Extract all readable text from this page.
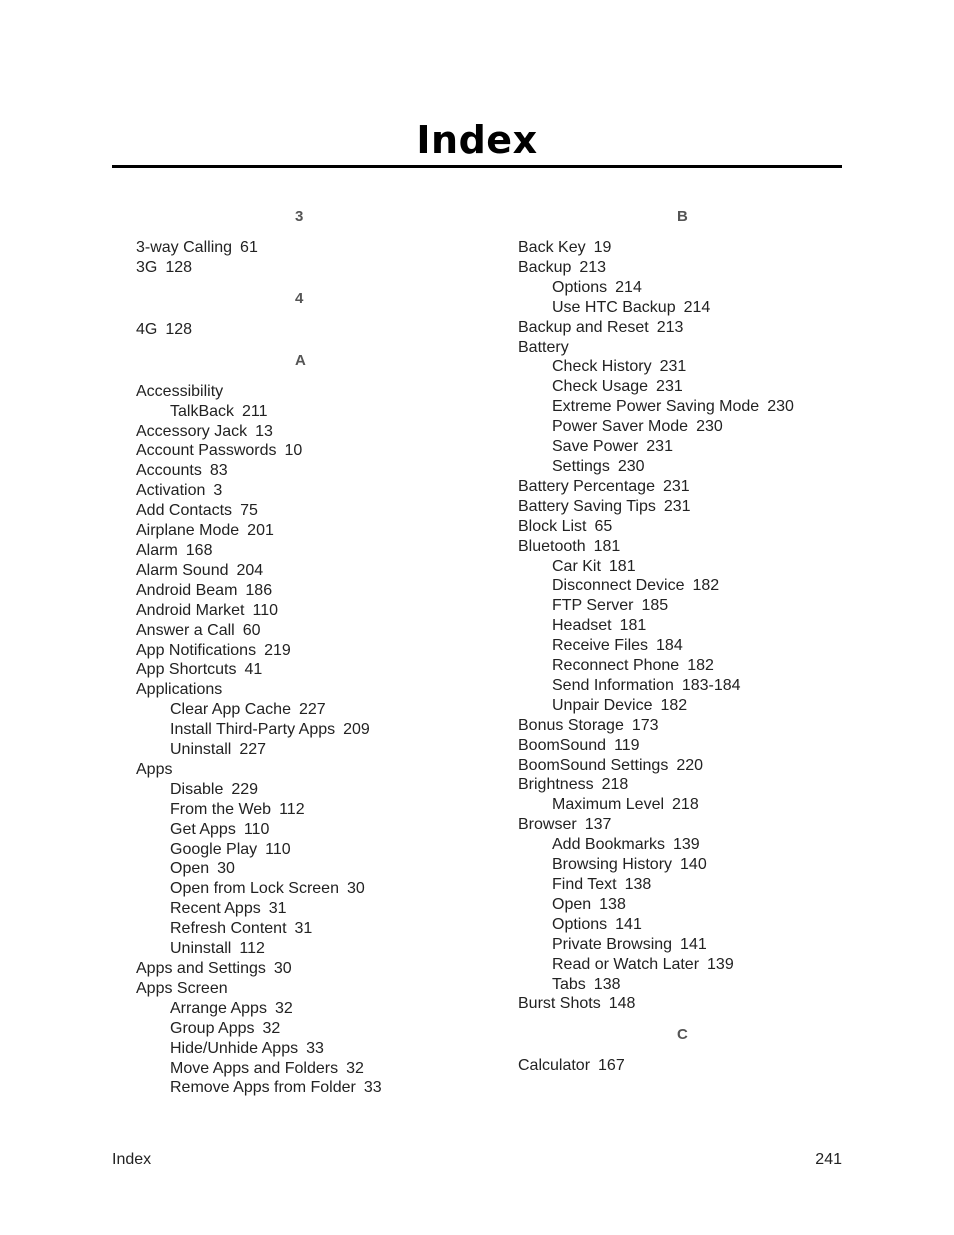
Index
3
3-way Calling 61
3G 128
4
4G 128
A
Accessibility
TalkBack 211
Accessory Jack 13
Account Passwords 10
Accounts 83
Activation 3
Add Contacts 75
Airplane Mode 201
Alarm 168
Alarm Sound 204
Android Beam 186
Android Market 110
Answer a Call 60
App Notifications 219
App Shortcuts 41
Applications
Clear App Cache 227
Install Third-Party Apps 209
Uninstall 227
Apps
Disable 229
From the Web 112
Get Apps 110
Google Play 110
Open 30
Open from Lock Screen 30
Recent Apps 31
Refresh Content 31
Uninstall 112
Apps and Settings 30
Apps Screen
Arrange Apps 32
Group Apps 32
Hide/Unhide Apps 33
Move Apps and Folders 32
Remove Apps from Folder 33
B
Back Key 19
Backup 213
Options 214
Use HTC Backup 214
Backup and Reset 213
Battery
Check History 231
Check Usage 231
Extreme Power Saving Mode 230
Power Saver Mode 230
Save Power 231
Settings 230
Battery Percentage 231
Battery Saving Tips 231
Block List 65
Bluetooth 181
Car Kit 181
Disconnect Device 182
FTP Server 185
Headset 181
Receive Files 184
Reconnect Phone 182
Send Information 183-184
Unpair Device 182
Bonus Storage 173
BoomSound 119
BoomSound Settings 220
Brightness 218
Maximum Level 218
Browser 137
Add Bookmarks 139
Browsing History 140
Find Text 138
Open 138
Options 141
Private Browsing 141
Read or Watch Later 139
Tabs 138
Burst Shots 148
C
Calculator 167
Index	241
